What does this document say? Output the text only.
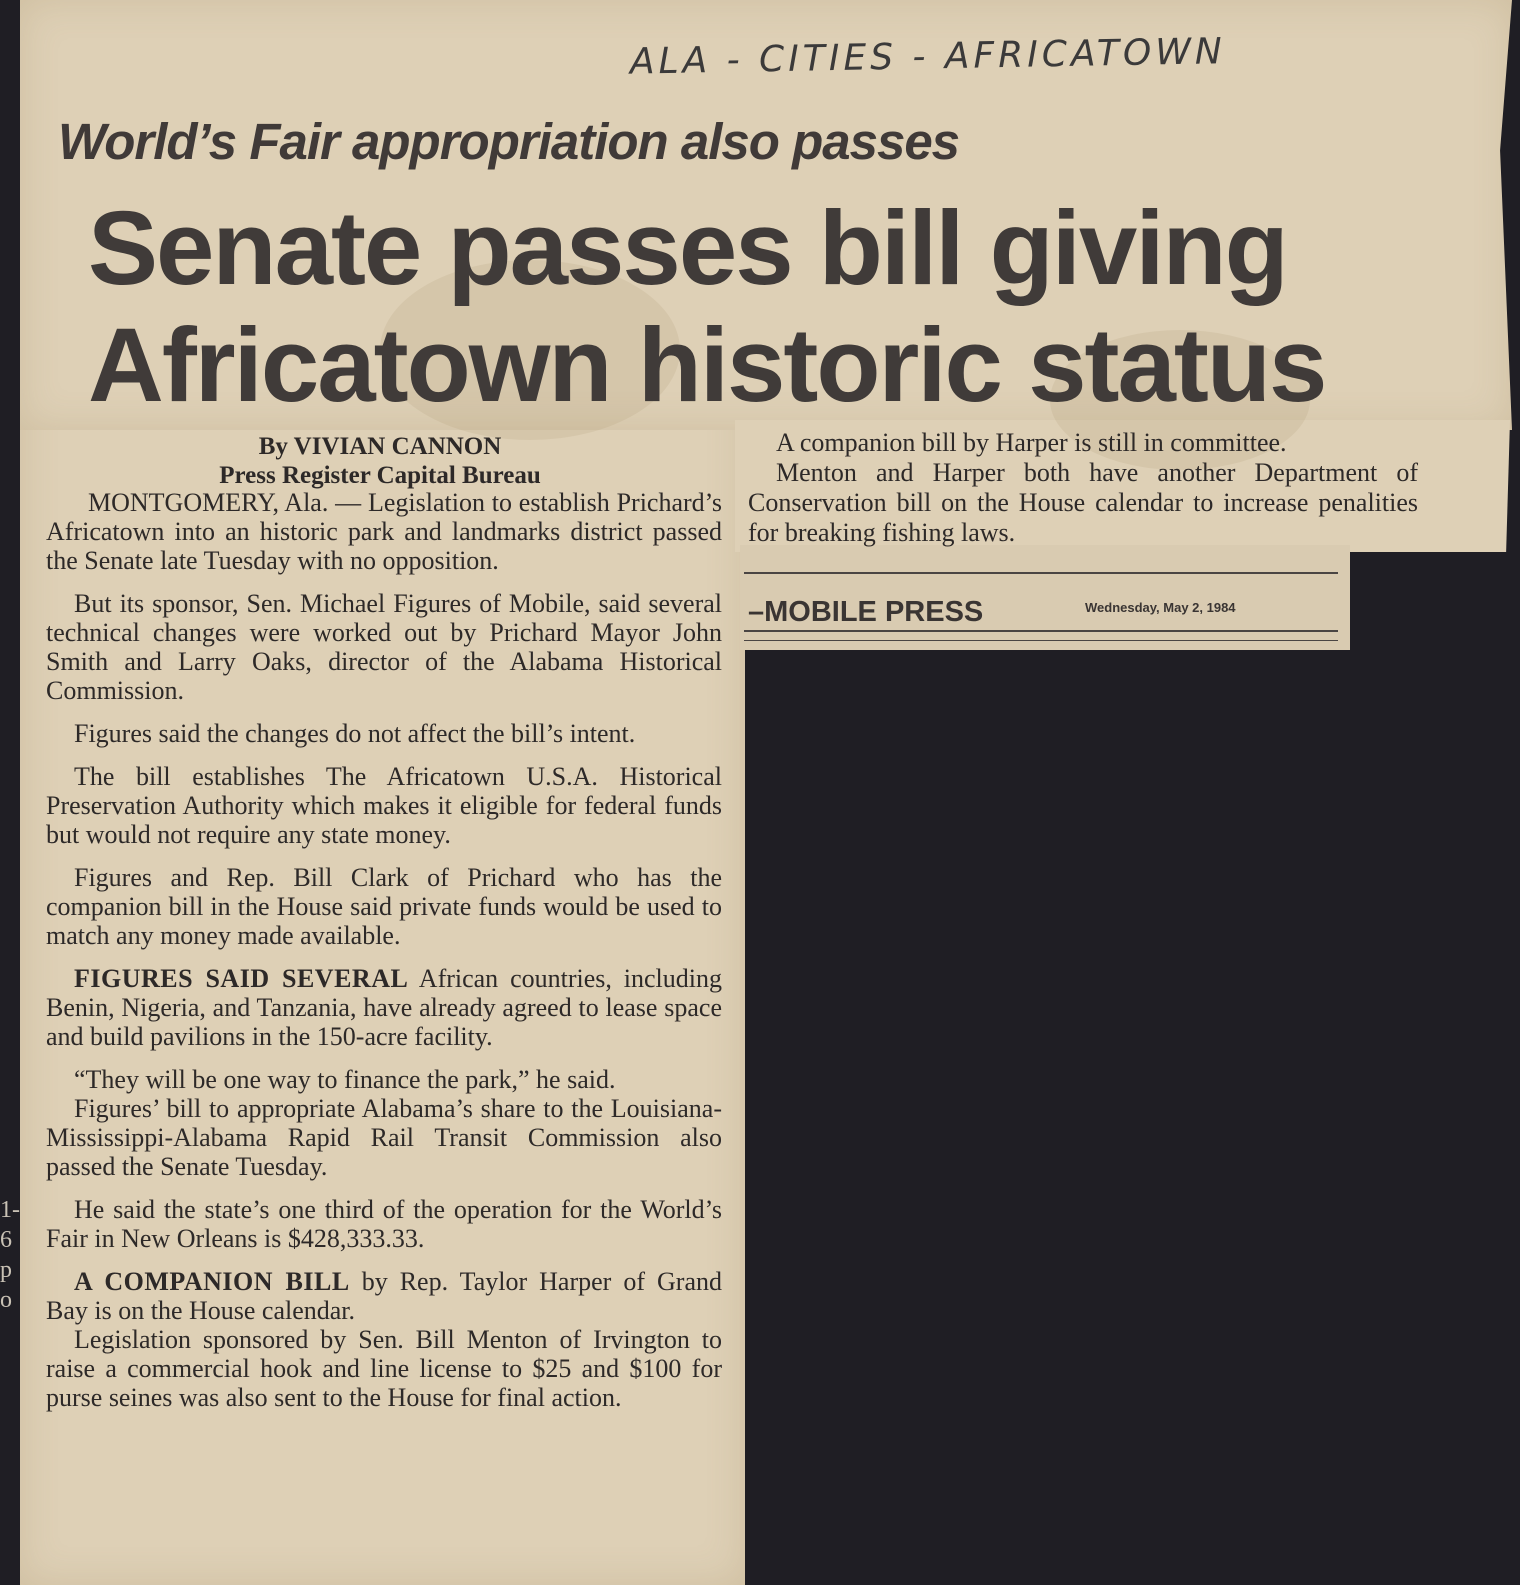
1- 6 p o
ALA - CITIES - AFRICATOWN
World’s Fair appropriation also passes
Senate passes bill giving
Africatown historic status
By VIVIAN CANNON
Press Register Capital Bureau

MONTGOMERY, Ala. — Legislation to establish Prichard’s Africatown into an historic park and landmarks district passed the Senate late Tuesday with no opposition.

But its sponsor, Sen. Michael Figures of Mobile, said several technical changes were worked out by Prichard Mayor John Smith and Larry Oaks, director of the Alabama Historical Commission.

Figures said the changes do not affect the bill’s intent.

The bill establishes The Africatown U.S.A. Historical Preservation Authority which makes it eligible for federal funds but would not require any state money.

Figures and Rep. Bill Clark of Prichard who has the companion bill in the House said private funds would be used to match any money made available.

FIGURES SAID SEVERAL African countries, including Benin, Nigeria, and Tanzania, have already agreed to lease space and build pavilions in the 150-acre facility.

“They will be one way to finance the park,” he said.

Figures’ bill to appropriate Alabama’s share to the Louisiana-Mississippi-Alabama Rapid Rail Transit Commission also passed the Senate Tuesday.

He said the state’s one third of the operation for the World’s Fair in New Orleans is $428,333.33.

A COMPANION BILL by Rep. Taylor Harper of Grand Bay is on the House calendar.

Legislation sponsored by Sen. Bill Menton of Irvington to raise a commercial hook and line license to $25 and $100 for purse seines was also sent to the House for final action.

A companion bill by Harper is still in committee.

Menton and Harper both have another Department of Conservation bill on the House calendar to increase penalities for breaking fishing laws.

–MOBILE PRESS	Wednesday, May 2, 1984
